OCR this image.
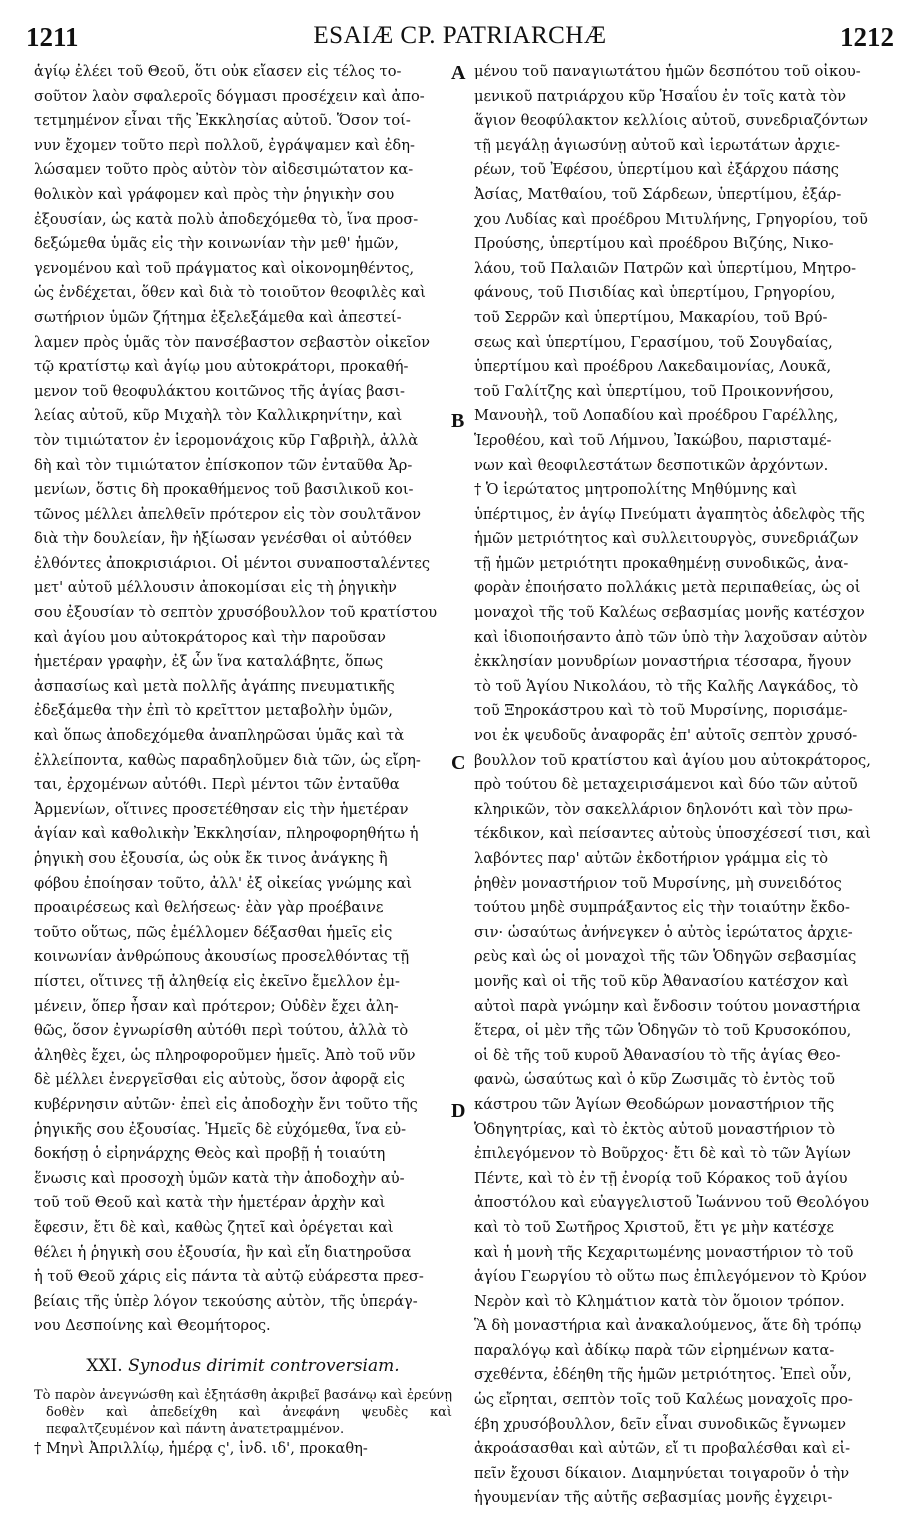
1211	ESAIÆ CP. PATRIARCHÆ	1212
A
B
C
D
ἁγίῳ ἐλέει τοῦ Θεοῦ, ὅτι οὐκ εἴασεν εἰς τέλος το-
σοῦτον λαὸν σφαλεροῖς δόγμασι προσέχειν καὶ ἀπο-
τετμημένον εἶναι τῆς Ἐκκλησίας αὐτοῦ. Ὅσον τοί-
νυν ἔχομεν τοῦτο περὶ πολλοῦ, ἐγράψαμεν καὶ ἐδη-
λώσαμεν τοῦτο πρὸς αὐτὸν τὸν αἰδεσιμώτατον κα-
θολικὸν καὶ γράφομεν καὶ πρὸς τὴν ῥηγικὴν σου
ἐξουσίαν, ὡς κατὰ πολὺ ἀποδεχόμεθα τὸ, ἵνα προσ-
δεξώμεθα ὑμᾶς εἰς τὴν κοινωνίαν τὴν μεθ' ἡμῶν,
γενομένου καὶ τοῦ πράγματος καὶ οἰκονομηθέντος,
ὡς ἐνδέχεται, ὅθεν καὶ διὰ τὸ τοιοῦτον θεοφιλὲς καὶ
σωτήριον ὑμῶν ζήτημα ἐξελεξάμεθα καὶ ἀπεστεί-
λαμεν πρὸς ὑμᾶς τὸν πανσέβαστον σεβαστὸν οἰκεῖον
τῷ κρατίστῳ καὶ ἁγίῳ μου αὐτοκράτορι, προκαθή-
μενον τοῦ θεοφυλάκτου κοιτῶνος τῆς ἁγίας βασι-
λείας αὐτοῦ, κῦρ Μιχαὴλ τὸν Καλλικρηνίτην, καὶ
τὸν τιμιώτατον ἐν ἱερομονάχοις κῦρ Γαβριὴλ, ἀλλὰ
δὴ καὶ τὸν τιμιώτατον ἐπίσκοπον τῶν ἐνταῦθα Ἀρ-
μενίων, ὅστις δὴ προκαθήμενος τοῦ βασιλικοῦ κοι-
τῶνος μέλλει ἀπελθεῖν πρότερον εἰς τὸν σουλτᾶνον
διὰ τὴν δουλείαν, ἣν ἠξίωσαν γενέσθαι οἱ αὐτόθεν
ἐλθόντες ἀποκρισιάριοι. Οἱ μέντοι συναποσταλέντες
μετ' αὐτοῦ μέλλουσιν ἀποκομίσαι εἰς τὴ ῥηγικὴν
σου ἐξουσίαν τὸ σεπτὸν χρυσόβουλλον τοῦ κρατίστου
καὶ ἁγίου μου αὐτοκράτορος καὶ τὴν παροῦσαν
ἡμετέραν γραφὴν, ἐξ ὧν ἵνα καταλάβητε, ὅπως
ἀσπασίως καὶ μετὰ πολλῆς ἀγάπης πνευματικῆς
ἐδεξάμεθα τὴν ἐπὶ τὸ κρεῖττον μεταβολὴν ὑμῶν,
καὶ ὅπως ἀποδεχόμεθα ἀναπληρῶσαι ὑμᾶς καὶ τὰ
ἐλλείποντα, καθὼς παραδηλοῦμεν διὰ τῶν, ὡς εἴρη-
ται, ἐρχομένων αὐτόθι. Περὶ μέντοι τῶν ἐνταῦθα
Ἀρμενίων, οἵτινες προσετέθησαν εἰς τὴν ἡμετέραν
ἁγίαν καὶ καθολικὴν Ἐκκλησίαν, πληροφορηθήτω ἡ
ῥηγικὴ σου ἐξουσία, ὡς οὐκ ἔκ τινος ἀνάγκης ἢ
φόβου ἐποίησαν τοῦτο, ἀλλ' ἐξ οἰκείας γνώμης καὶ
προαιρέσεως καὶ θελήσεως· ἐὰν γὰρ προέβαινε
τοῦτο οὕτως, πῶς ἐμέλλομεν δέξασθαι ἡμεῖς εἰς
κοινωνίαν ἀνθρώπους ἀκουσίως προσελθόντας τῇ
πίστει, οἵτινες τῇ ἀληθείᾳ εἰς ἐκεῖνο ἔμελλον ἐμ-
μένειν, ὅπερ ἦσαν καὶ πρότερον; Οὐδὲν ἔχει ἀλη-
θῶς, ὅσον ἐγνωρίσθη αὐτόθι περὶ τούτου, ἀλλὰ τὸ
ἀληθὲς ἔχει, ὡς πληροφοροῦμεν ἡμεῖς. Ἀπὸ τοῦ νῦν
δὲ μέλλει ἐνεργεῖσθαι εἰς αὐτοὺς, ὅσον ἀφορᾷ εἰς
κυβέρνησιν αὐτῶν· ἐπεὶ εἰς ἀποδοχὴν ἔνι τοῦτο τῆς
ῥηγικῆς σου ἐξουσίας. Ἡμεῖς δὲ εὐχόμεθα, ἵνα εὐ-
δοκήσῃ ὁ εἰρηνάρχης Θεὸς καὶ προβῇ ἡ τοιαύτη
ἕνωσις καὶ προσοχὴ ὑμῶν κατὰ τὴν ἀποδοχὴν αὐ-
τοῦ τοῦ Θεοῦ καὶ κατὰ τὴν ἡμετέραν ἀρχὴν καὶ
ἔφεσιν, ἔτι δὲ καὶ, καθὼς ζητεῖ καὶ ὀρέγεται καὶ
θέλει ἡ ῥηγικὴ σου ἐξουσία, ἣν καὶ εἴη διατηροῦσα
ἡ τοῦ Θεοῦ χάρις εἰς πάντα τὰ αὐτῷ εὐάρεστα πρεσ-
βείαις τῆς ὑπὲρ λόγον τεκούσης αὐτὸν, τῆς ὑπεράγ-
νου Δεσποίνης καὶ Θεομήτορος.
XXI. Synodus dirimit controversiam.

Τὸ παρὸν ἀνεγνώσθη καὶ ἐξητάσθη ἀκριβεῖ βασάνῳ καὶ ἐρεύνῃ δοθὲν καὶ ἀπεδείχθη καὶ ἀνεφάνη ψευδὲς καὶ πεφαλτζευμένον καὶ πάντη ἀνατετραμμένον.

† Μηνὶ Ἀπριλλίῳ, ἡμέρᾳ ς', ἰνδ. ιδ', προκαθη-

μένου τοῦ παναγιωτάτου ἡμῶν δεσπότου τοῦ οἰκου-
μενικοῦ πατριάρχου κῦρ Ἡσαΐου ἐν τοῖς κατὰ τὸν
ἅγιον θεοφύλακτον κελλίοις αὐτοῦ, συνεδριαζόντων
τῇ μεγάλῃ ἁγιωσύνῃ αὐτοῦ καὶ ἱερωτάτων ἀρχιε-
ρέων, τοῦ Ἐφέσου, ὑπερτίμου καὶ ἐξάρχου πάσης
Ἀσίας, Ματθαίου, τοῦ Σάρδεων, ὑπερτίμου, ἐξάρ-
χου Λυδίας καὶ προέδρου Μιτυλήνης, Γρηγορίου, τοῦ
Προύσης, ὑπερτίμου καὶ προέδρου Βιζύης, Νικο-
λάου, τοῦ Παλαιῶν Πατρῶν καὶ ὑπερτίμου, Μητρο-
φάνους, τοῦ Πισιδίας καὶ ὑπερτίμου, Γρηγορίου,
τοῦ Σερρῶν καὶ ὑπερτίμου, Μακαρίου, τοῦ Βρύ-
σεως καὶ ὑπερτίμου, Γερασίμου, τοῦ Σουγδαίας,
ὑπερτίμου καὶ προέδρου Λακεδαιμονίας, Λουκᾶ,
τοῦ Γαλίτζης καὶ ὑπερτίμου, τοῦ Προικοννήσου,
Μανουὴλ, τοῦ Λοπαδίου καὶ προέδρου Γαρέλλης,
Ἱεροθέου, καὶ τοῦ Λήμνου, Ἰακώβου, παρισταμέ-
νων καὶ θεοφιλεστάτων δεσποτικῶν ἀρχόντων.
† Ὁ ἱερώτατος μητροπολίτης Μηθύμνης καὶ
ὑπέρτιμος, ἐν ἁγίῳ Πνεύματι ἀγαπητὸς ἀδελφὸς τῆς
ἡμῶν μετριότητος καὶ συλλειτουργὸς, συνεδριάζων
τῇ ἡμῶν μετριότητι προκαθημένῃ συνοδικῶς, ἀνα-
φορὰν ἐποιήσατο πολλάκις μετὰ περιπαθείας, ὡς οἱ
μοναχοὶ τῆς τοῦ Καλέως σεβασμίας μονῆς κατέσχον
καὶ ἰδιοποιήσαντο ἀπὸ τῶν ὑπὸ τὴν λαχοῦσαν αὐτὸν
ἐκκλησίαν μονυδρίων μοναστήρια τέσσαρα, ἤγουν
τὸ τοῦ Ἁγίου Νικολάου, τὸ τῆς Καλῆς Λαγκάδος, τὸ
τοῦ Ξηροκάστρου καὶ τὸ τοῦ Μυρσίνης, πορισάμε-
νοι ἐκ ψευδοῦς ἀναφορᾶς ἐπ' αὐτοῖς σεπτὸν χρυσό-
βουλλον τοῦ κρατίστου καὶ ἁγίου μου αὐτοκράτορος,
πρὸ τούτου δὲ μεταχειρισάμενοι καὶ δύο τῶν αὐτοῦ
κληρικῶν, τὸν σακελλάριον δηλονότι καὶ τὸν πρω-
τέκδικον, καὶ πείσαντες αὐτοὺς ὑποσχέσεσί τισι, καὶ
λαβόντες παρ' αὐτῶν ἐκδοτήριον γράμμα εἰς τὸ
ῥηθὲν μοναστήριον τοῦ Μυρσίνης, μὴ συνειδότος
τούτου μηδὲ συμπράξαντος εἰς τὴν τοιαύτην ἔκδο-
σιν· ὡσαύτως ἀνήνεγκεν ὁ αὐτὸς ἱερώτατος ἀρχιε-
ρεὺς καὶ ὡς οἱ μοναχοὶ τῆς τῶν Ὁδηγῶν σεβασμίας
μονῆς καὶ οἱ τῆς τοῦ κῦρ Ἀθανασίου κατέσχον καὶ
αὐτοὶ παρὰ γνώμην καὶ ἔνδοσιν τούτου μοναστήρια
ἕτερα, οἱ μὲν τῆς τῶν Ὁδηγῶν τὸ τοῦ Κρυσοκόπου,
οἱ δὲ τῆς τοῦ κυροῦ Ἀθανασίου τὸ τῆς ἁγίας Θεο-
φανὼ, ὡσαύτως καὶ ὁ κῦρ Ζωσιμᾶς τὸ ἐντὸς τοῦ
κάστρου τῶν Ἁγίων Θεοδώρων μοναστήριον τῆς
Ὁδηγητρίας, καὶ τὸ ἐκτὸς αὐτοῦ μοναστήριον τὸ
ἐπιλεγόμενον τὸ Βοῦρχος· ἔτι δὲ καὶ τὸ τῶν Ἁγίων
Πέντε, καὶ τὸ ἐν τῇ ἐνορίᾳ τοῦ Κόρακος τοῦ ἁγίου
ἀποστόλου καὶ εὐαγγελιστοῦ Ἰωάννου τοῦ Θεολόγου
καὶ τὸ τοῦ Σωτῆρος Χριστοῦ, ἔτι γε μὴν κατέσχε
καὶ ἡ μονὴ τῆς Κεχαριτωμένης μοναστήριον τὸ τοῦ
ἁγίου Γεωργίου τὸ οὕτω πως ἐπιλεγόμενον τὸ Κρύον
Νερὸν καὶ τὸ Κλημάτιον κατὰ τὸν ὅμοιον τρόπον.
Ἃ δὴ μοναστήρια καὶ ἀνακαλούμενος, ἅτε δὴ τρόπῳ
παραλόγῳ καὶ ἀδίκῳ παρὰ τῶν εἰρημένων κατα-
σχεθέντα, ἐδέηθη τῆς ἡμῶν μετριότητος. Ἐπεὶ οὖν,
ὡς εἴρηται, σεπτὸν τοῖς τοῦ Καλέως μοναχοῖς προ-
έβη χρυσόβουλλον, δεῖν εἶναι συνοδικῶς ἔγνωμεν
ἀκροάσασθαι καὶ αὐτῶν, εἴ τι προβαλέσθαι καὶ εἰ-
πεῖν ἔχουσι δίκαιον. Διαμηνύεται τοιγαροῦν ὁ τὴν
ἡγουμενίαν τῆς αὐτῆς σεβασμίας μονῆς ἐγχειρι-
